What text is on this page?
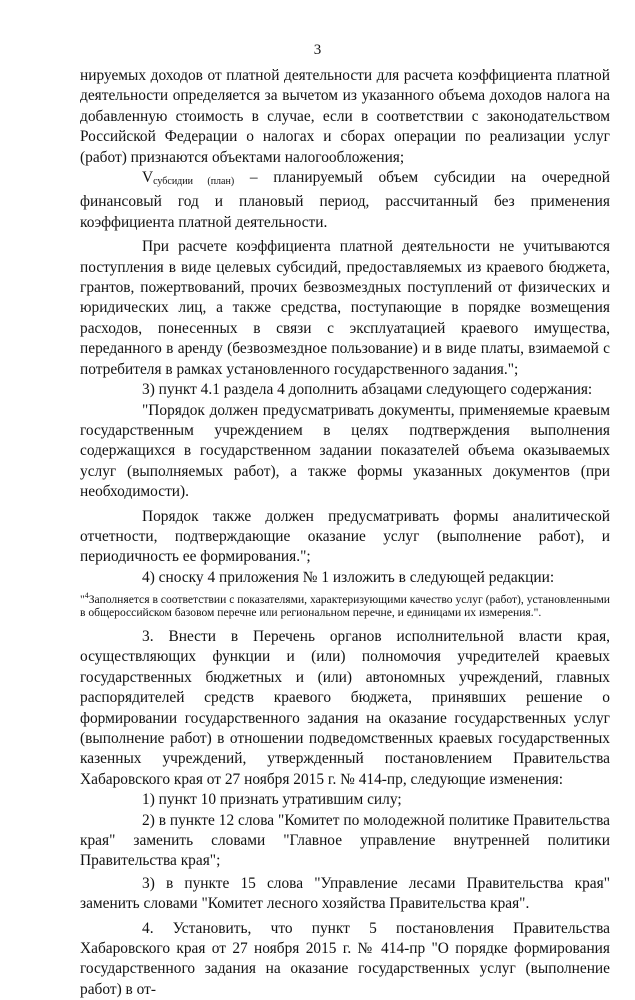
3

нируемых доходов от платной деятельности для расчета коэффициента платной деятельности определяется за вычетом из указанного объема доходов налога на добавленную стоимость в случае, если в соответствии с законодательством Российской Федерации о налогах и сборах операции по реализации услуг (работ) признаются объектами налогообложения;

Vсубсидии (план) – планируемый объем субсидии на очередной финансовый год и плановый период, рассчитанный без применения коэффициента платной деятельности.

При расчете коэффициента платной деятельности не учитываются поступления в виде целевых субсидий, предоставляемых из краевого бюджета, грантов, пожертвований, прочих безвозмездных поступлений от физических и юридических лиц, а также средства, поступающие в порядке возмещения расходов, понесенных в связи с эксплуатацией краевого имущества, переданного в аренду (безвозмездное пользование) и в виде платы, взимаемой с потребителя в рамках установленного государственного задания.";

3) пункт 4.1 раздела 4 дополнить абзацами следующего содержания:

"Порядок должен предусматривать документы, применяемые краевым государственным учреждением в целях подтверждения выполнения содержащихся в государственном задании показателей объема оказываемых услуг (выполняемых работ), а также формы указанных документов (при необходимости).

Порядок также должен предусматривать формы аналитической отчетности, подтверждающие оказание услуг (выполнение работ), и периодичность ее формирования.";

4) сноску 4 приложения № 1 изложить в следующей редакции:

"$^4$Заполняется в соответствии с показателями, характеризующими качество услуг (работ), установленными в общероссийском базовом перечне или региональном перечне, и единицами их измерения.".

3. Внести в Перечень органов исполнительной власти края, осуществляющих функции и (или) полномочия учредителей краевых государственных бюджетных и (или) автономных учреждений, главных распорядителей средств краевого бюджета, принявших решение о формировании государственного задания на оказание государственных услуг (выполнение работ) в отношении подведомственных краевых государственных казенных учреждений, утвержденный постановлением Правительства Хабаровского края от 27 ноября 2015 г. № 414-пр, следующие изменения:

1) пункт 10 признать утратившим силу;

2) в пункте 12 слова "Комитет по молодежной политике Правительства края" заменить словами "Главное управление внутренней политики Правительства края";

3) в пункте 15 слова "Управление лесами Правительства края" заменить словами "Комитет лесного хозяйства Правительства края".

4. Установить, что пункт 5 постановления Правительства Хабаровского края от 27 ноября 2015 г. № 414-пр "О порядке формирования государственного задания на оказание государственных услуг (выполнение работ) в от-
